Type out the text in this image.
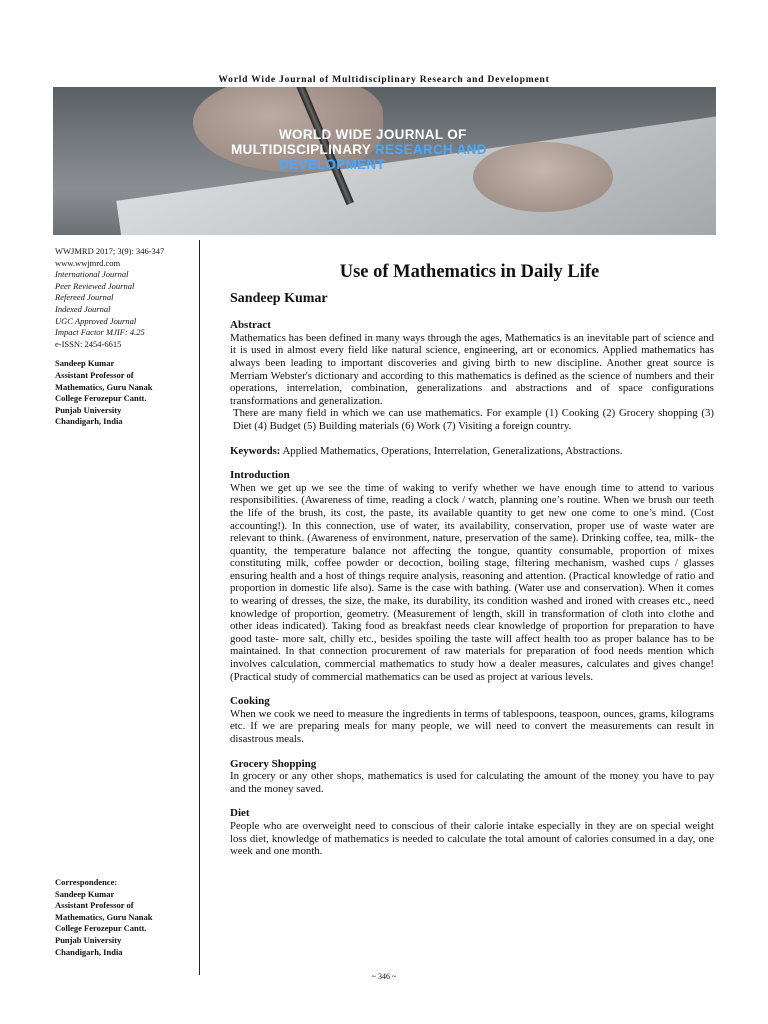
World Wide Journal of Multidisciplinary Research and Development
WORLD WIDE JOURNAL OF
MULTIDISCIPLINARY RESEARCH AND
DEVELOPMENT
WWJMRD 2017; 3(9): 346-347
www.wwjmrd.com
International Journal
Peer Reviewed Journal
Refereed Journal
Indexed Journal
UGC Approved Journal
Impact Factor MJIF: 4.25
e-ISSN: 2454-6615
Sandeep Kumar
Assistant Professor of
Mathematics, Guru Nanak
College Ferozepur Cantt.
Punjab University
Chandigarh, India
Correspondence:
Sandeep Kumar
Assistant Professor of
Mathematics, Guru Nanak
College Ferozepur Cantt.
Punjab University
Chandigarh, India
Use of Mathematics in Daily Life
Sandeep Kumar
Abstract
Mathematics has been defined in many ways through the ages, Mathematics is an inevitable part of science and it is used in almost every field like natural science, engineering, art or economics. Applied mathematics has always been leading to important discoveries and giving birth to new discipline. Another great source is Merriam Webster's dictionary and according to this mathematics is defined as the science of numbers and their operations, interrelation, combination, generalizations and abstractions and of space configurations transformations and generalization.
There are many field in which we can use mathematics. For example (1) Cooking (2) Grocery shopping (3) Diet (4) Budget (5) Building materials (6) Work (7) Visiting a foreign country.
Keywords: Applied Mathematics, Operations, Interrelation, Generalizations, Abstractions.
Introduction
When we get up we see the time of waking to verify whether we have enough time to attend to various responsibilities. (Awareness of time, reading a clock / watch, planning one’s routine. When we brush our teeth the life of the brush, its cost, the paste, its available quantity to get new one come to one’s mind. (Cost accounting!). In this connection, use of water, its availability, conservation, proper use of waste water are relevant to think. (Awareness of environment, nature, preservation of the same). Drinking coffee, tea, milk- the quantity, the temperature balance not affecting the tongue, quantity consumable, proportion of mixes constituting milk, coffee powder or decoction, boiling stage, filtering mechanism, washed cups / glasses ensuring health and a host of things require analysis, reasoning and attention. (Practical knowledge of ratio and proportion in domestic life also). Same is the case with bathing. (Water use and conservation). When it comes to wearing of dresses, the size, the make, its durability, its condition washed and ironed with creases etc., need knowledge of proportion, geometry. (Measurement of length, skill in transformation of cloth into clothe and other ideas indicated). Taking food as breakfast needs clear knowledge of proportion for preparation to have good taste- more salt, chilly etc., besides spoiling the taste will affect health too as proper balance has to be maintained. In that connection procurement of raw materials for preparation of food needs mention which involves calculation, commercial mathematics to study how a dealer measures, calculates and gives change! (Practical study of commercial mathematics can be used as project at various levels.
Cooking
When we cook we need to measure the ingredients in terms of tablespoons, teaspoon, ounces, grams, kilograms etc. If we are preparing meals for many people, we will need to convert the measurements can result in disastrous meals.
Grocery Shopping
In grocery or any other shops, mathematics is used for calculating the amount of the money you have to pay and the money saved.
Diet
People who are overweight need to conscious of their calorie intake especially in they are on special weight loss diet, knowledge of mathematics is needed to calculate the total amount of calories consumed in a day, one week and one month.
~ 346 ~
